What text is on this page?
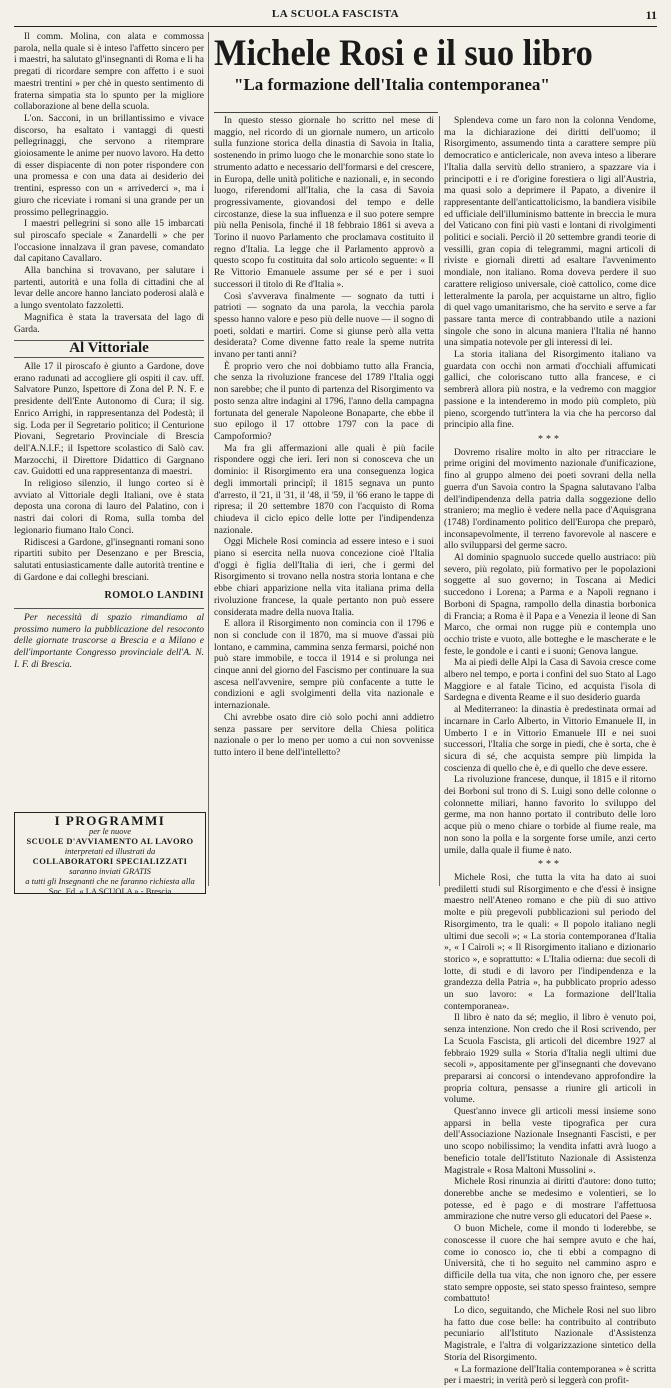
LA SCUOLA FASCISTA	11

Il comm. Molina, con alata e commossa parola, nella quale si è inteso l'affetto sincero per i maestri, ha salutato gl'insegnanti di Roma e li ha pregati di ricordare sempre con affetto i e suoi maestri trentini » per chè in questo sentimento di fraterna simpatia sta lo spunto per la migliore collaborazione al bene della scuola.

L'on. Sacconi, in un brillantissimo e vivace discorso, ha esaltato i vantaggi di questi pellegrinaggi, che servono a ritemprare gioiosamente le anime per nuovo lavoro. Ha detto di esser dispiacente di non poter rispondere con una promessa e con una data ai desiderio dei trentini, espresso con un « arrivederci », ma i giuro che riceviate i romani si una grande per un prossimo pellegrinaggio.

I maestri pellegrini si sono alle 15 imbarcati sul piroscafo speciale « Zanardelli » che per l'occasione innalzava il gran pavese, comandato dal capitano Cavallaro.

Alla banchina si trovavano, per salutare i partenti, autorità e una folla di cittadini che al levar delle ancore hanno lanciato poderosi alalà e a lungo sventolato fazzoletti.

Magnifica è stata la traversata del lago di Garda.

Al Vittoriale

Alle 17 il piroscafo è giunto a Gardone, dove erano radunati ad accogliere gli ospiti il cav. uff. Salvatore Punzo, Ispettore di Zona del P. N. F. e presidente dell'Ente Autonomo di Cura; il sig. Enrico Arrighi, in rappresentanza del Podestà; il sig. Loda per il Segretario politico; il Centurione Piovani, Segretario Provinciale di Brescia dell'A.N.I.F.; il Ispettore scolastico di Salò cav. Marzocchi, il Direttore Didattico di Gargnano cav. Guidotti ed una rappresentanza di maestri.

In religioso silenzio, il lungo corteo si è avviato al Vittoriale degli Italiani, ove è stata deposta una corona di lauro del Palatino, con i nastri dai colori di Roma, sulla tomba del legionario fiumano Italo Conci.

Ridiscesi a Gardone, gl'insegnanti romani sono ripartiti subito per Desenzano e per Brescia, salutati entusiasticamente dalle autorità trentine e di Gardone e dai colleghi bresciani.

ROMOLO LANDINI

Per necessità di spazio rimandiamo al prossimo numero la pubblicazione del resoconto delle giornate trascorse a Brescia e a Milano e dell'importante Congresso provinciale dell'A. N. I. F. di Brescia.

I PROGRAMMI
per le nuove
SCUOLE D'AVVIAMENTO AL LAVORO
interpretati ed illustrati da
COLLABORATORI SPECIALIZZATI
saranno inviati GRATIS
a tutti gli Insegnanti che ne faranno richiesta alla
Soc. Ed. « LA SCUOLA » - Brescia
Michele Rosi e il suo libro
"La formazione dell'Italia contemporanea"

In questo stesso giornale ho scritto nel mese di maggio, nel ricordo di un giornale numero, un articolo sulla funzione storica della dinastia di Savoia in Italia, sostenendo in primo luogo che le monarchie sono state lo strumento adatto e necessario dell'formarsi e del crescere, in Europa, delle unità politiche e nazionali, e, in secondo luogo, riferendomi all'Italia, che la casa di Savoia progressivamente, giovandosi del tempo e delle circostanze, diese la sua influenza e il suo potere sempre più nella Penisola, finché il 18 febbraio 1861 si aveva a Torino il nuovo Parlamento che proclamava costituito il regno d'Italia. La legge che il Parlamento approvò a questo scopo fu costituita dal solo articolo seguente: « Il Re Vittorio Emanuele assume per sé e per i suoi successori il titolo di Re d'Italia ».

Così s'avverava finalmente — sognato da tutti i patrioti — sognato da una parola, la vecchia parola spesso hanno valore e peso più delle nuove — il sogno di poeti, soldati e martiri. Come si giunse però alla vetta desiderata? Come divenne fatto reale la speme nutrita invano per tanti anni?

È proprio vero che noi dobbiamo tutto alla Francia, che senza la rivoluzione francese del 1789 l'Italia oggi non sarebbe; che il punto di partenza del Risorgimento va posto senza altre indagini al 1796, l'anno della campagna fortunata del generale Napoleone Bonaparte, che ebbe il suo epilogo il 17 ottobre 1797 con la pace di Campoformio?

Ma fra gli affermazioni alle quali è più facile rispondere oggi che ieri. Ieri non si conosceva che un dominio: il Risorgimento era una conseguenza logica degli immortali principî; il 1815 segnava un punto d'arresto, il '21, il '31, il '48, il '59, il '66 erano le tappe di ripresa; il 20 settembre 1870 con l'acquisto di Roma chiudeva il ciclo epico delle lotte per l'indipendenza nazionale.

Oggi Michele Rosi comincia ad essere inteso e i suoi piano si esercita nella nuova concezione cioè l'Italia d'oggi è figlia dell'Italia di ieri, che i germi del Risorgimento si trovano nella nostra storia lontana e che ebbe chiari apparizione nella vita italiana prima della rivoluzione francese, la quale pertanto non può essere considerata madre della nuova Italia.

E allora il Risorgimento non comincia con il 1796 e non si conclude con il 1870, ma si muove d'assai più lontano, e cammina, cammina senza fermarsi, poiché non può stare immobile, e tocca il 1914 e si prolunga nei cinque anni del giorno del Fascismo per continuare la sua ascesa nell'avvenire, sempre più confacente a tutte le condizioni e agli svolgimenti della vita nazionale e internazionale.

Chi avrebbe osato dire ciò solo pochi anni addietro senza passare per servitore della Chiesa politica nazionale o per lo meno per uomo a cui non sovvenisse tutto intero il bene dell'intelletto?

Splendeva come un faro non la colonna Vendome, ma la dichiarazione dei diritti dell'uomo; il Risorgimento, assumendo tinta a carattere sempre più democratico e anticlericale, non aveva inteso a liberare l'Italia dalla servitù dello straniero, a spazzare via i principotti e i re d'origine forestiera o ligi all'Austria, ma quasi solo a deprimere il Papato, a divenire il rappresentante dell'anticattolicismo, la bandiera visibile ed ufficiale dell'illuminismo battente in breccia le mura del Vaticano con fini più vasti e lontani di rivolgimenti politici e sociali. Perciò il 20 settembre grandi teorie di vessilli, gran copia di telegrammi, magni articoli di riviste e giornali diretti ad esaltare l'avvenimento mondiale, non italiano. Roma doveva perdere il suo carattere religioso universale, cioè cattolico, come dice letteralmente la parola, per acquistarne un altro, figlio di quel vago umanitarismo, che ha servito e serve a far passare tanta merce di contrabbando utile a nazioni singole che sono in alcuna maniera l'Italia né hanno una simpatia notevole per gli interessi di lei.

La storia italiana del Risorgimento italiano va guardata con occhi non armati d'occhiali affumicati gallici, che coloriscano tutto alla francese, e ci sembrerà allora più nostra, e la vedremo con maggior passione e la intenderemo in modo più completo, più pieno, scorgendo tutt'intera la via che ha percorso dal principio alla fine.

***

Dovremo risalire molto in alto per ritracciare le prime origini del movimento nazionale d'unificazione, fino al gruppo almeno dei poeti sovrani della nella guerra d'un Savoia contro la Spagna salutavano l'alba dell'indipendenza della patria dalla soggezione dello straniero; ma meglio è vedere nella pace d'Aquisgrana (1748) l'ordinamento politico dell'Europa che preparò, inconsapevolmente, il terreno favorevole al nascere e allo svilupparsi del germe sacro.

Al dominio spagnuolo succede quello austriaco: più severo, più regolato, più formativo per le popolazioni soggette al suo governo; in Toscana ai Medici succedono i Lorena; a Parma e a Napoli regnano i Borboni di Spagna, rampollo della dinastia borbonica di Francia; a Roma è il Papa e a Venezia il leone di San Marco, che ormai non rugge più e contempla uno occhio triste e vuoto, alle botteghe e le mascherate e le feste, le gondole e i canti e i suoni; Genova langue.

Ma ai piedi delle Alpi la Casa di Savoia cresce come albero nel tempo, e porta i confini del suo Stato al Lago Maggiore e al fatale Ticino, ed acquista l'isola di Sardegna e diventa Reame e il suo desiderio guarda

al Mediterraneo: la dinastia è predestinata ormai ad incarnare in Carlo Alberto, in Vittorio Emanuele II, in Umberto I e in Vittorio Emanuele III e nei suoi successori, l'Italia che sorge in piedi, che è sorta, che è sicura di sé, che acquista sempre più limpida la coscienza di quello che è, e di quello che deve essere.

La rivoluzione francese, dunque, il 1815 e il ritorno dei Borboni sul trono di S. Luigi sono delle colonne o colonnette miliari, hanno favorito lo sviluppo del germe, ma non hanno portato il contributo delle loro acque più o meno chiare o torbide al fiume reale, ma non sono la polla e la sorgente forse umile, anzi certo umile, dalla quale il fiume è nato.

***

Michele Rosi, che tutta la vita ha dato ai suoi prediletti studi sul Risorgimento e che d'essi è insigne maestro nell'Ateneo romano e che più di suo attivo molte e più pregevoli pubblicazioni sul periodo del Risorgimento, tra le quali: « Il popolo italiano negli ultimi due secoli »; « La storia contemporanea d'Italia », « I Cairoli »; « Il Risorgimento italiano e dizionario storico », e soprattutto: « L'Italia odierna: due secoli di lotte, di studi e di lavoro per l'indipendenza e la grandezza della Patria », ha pubblicato proprio adesso un suo lavoro: « La formazione dell'Italia contemporanea».

Il libro è nato da sé; meglio, il libro è venuto poi, senza intenzione. Non credo che il Rosi scrivendo, per La Scuola Fascista, gli articoli del dicembre 1927 al febbraio 1929 sulla « Storia d'Italia negli ultimi due secoli », appositamente per gl'insegnanti che dovevano prepararsi ai concorsi o intendevano approfondire la propria coltura, pensasse a riunire gli articoli in volume.

Quest'anno invece gli articoli messi insieme sono apparsi in bella veste tipografica per cura dell'Associazione Nazionale Insegnanti Fascisti, e per uno scopo nobilissimo; la vendita infatti avrà luogo a beneficio totale dell'Istituto Nazionale di Assistenza Magistrale « Rosa Maltoni Mussolini ».

Michele Rosi rinunzia ai diritti d'autore: dono tutto; donerebbe anche se medesimo e volentieri, se lo potesse, ed è pago e di mostrare l'affettuosa ammirazione che nutre verso gli educatori del Paese ».

O buon Michele, come il mondo ti loderebbe, se conoscesse il cuore che hai sempre avuto e che hai, come io conosco io, che ti ebbi a compagno di Università, che ti ho seguito nel cammino aspro e difficile della tua vita, che non ignoro che, per essere stato sempre opposte, sei stato spesso frainteso, sempre combattuto!

Lo dico, seguitando, che Michele Rosi nel suo libro ha fatto due cose belle: ha contribuito al contributo pecuniario all'Istituto Nazionale d'Assistenza Magistrale, e l'altra di volgarizzazione sintetico della Storia del Risorgimento.

« La formazione dell'Italia contemporanea » è scritta per i maestri; in verità però si leggerà con profit-
